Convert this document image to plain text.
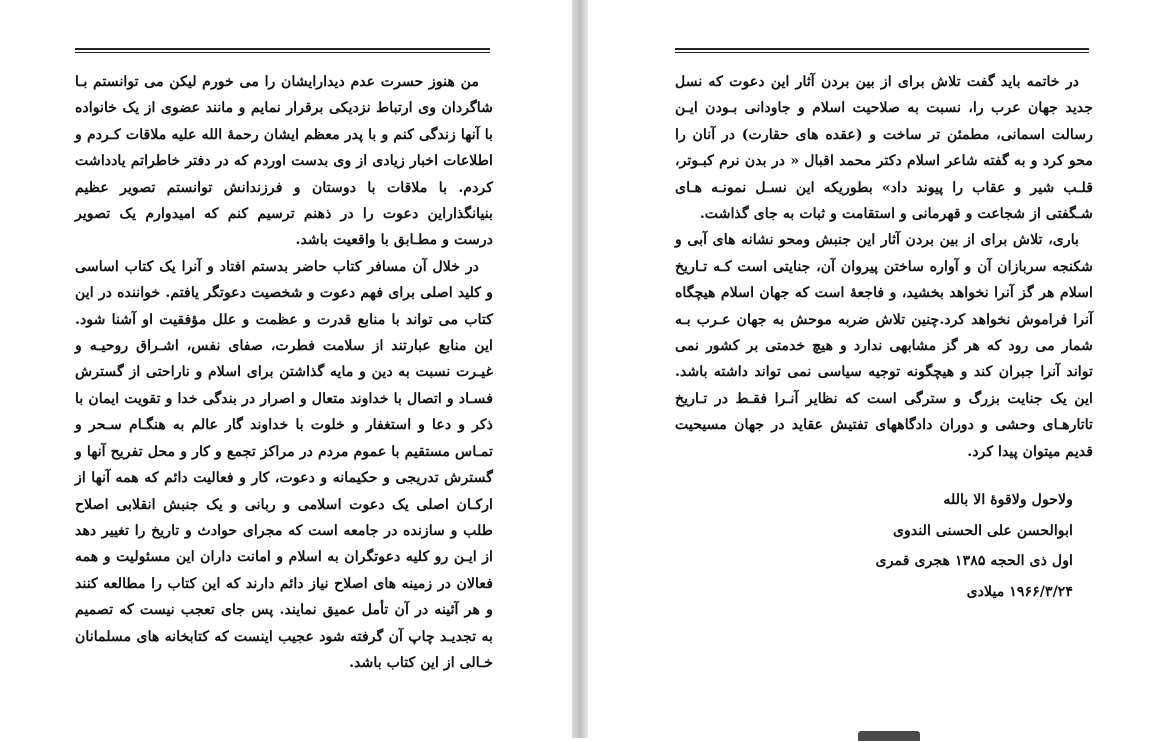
من هنوز حسرت عدم دیدارایشان را می خورم لیکن می توانستم بـا شاگردان وی ارتباط نزدیکی برقرار نمایم و مانند عضوی از یک خانواده با آنها زندگی کنم و با پدر معظم ایشان رحمهٔ الله علیه ملاقات کـردم و اطلاعات اخبار زیادی از وی بدست اوردم که در دفتر خاطراتم یادداشت کردم. با ملاقات با دوستان و فرزندانش توانستم تصویر عظیم بنیانگذاراین دعوت را در ذهنم ترسیم کنم که امیدوارم یک تصویر درست و مطـابق با واقعیت باشد.

در خلال آن مسافر کتاب حاضر بدستم افتاد و آنرا یک کتاب اساسی و کلید اصلی برای فهم دعوت و شخصیت دعوتگر یافتم. خواننده در این کتاب می تواند با منابع قدرت و عظمت و علل مؤفقیت او آشنا شود. این منابع عبارتند از سلامت فطرت، صفای نفس، اشـراق روحیـه و غیـرت نسبت به دین و مایه گذاشتن برای اسلام و ناراحتی از گسترش فسـاد و اتصال با خداوند متعال و اصرار در بندگی خدا و تقویت ایمان با ذکر و دعا و استغفار و خلوت با خداوند گار عالم به هنگـام سـحر و تمـاس مستقیم با عموم مردم در مراکز تجمع و کار و محل تفریح آنها و گسترش تدریجی و حکیمانه و دعوت، کار و فعالیت دائم که همه آنها از ارکـان اصلی یک دعوت اسلامی و ربانی و یک جنبش انقلابی اصلاح طلب و سازنده در جامعه است که مجرای حوادث و تاریخ را تغییر دهد از ایـن رو کلیه دعوتگران به اسلام و امانت داران این مسئولیت و همه فعالان در زمینه های اصلاح نیاز دائم دارند که این کتاب را مطالعه کنند و هر آئینه در آن تأمل عمیق نمایند. پس جای تعجب نیست که تصمیم به تجدیـد چاپ آن گرفته شود عجیب اینست که کتابخانه های مسلمانان خـالی از این کتاب باشد.

در خاتمه باید گفت تلاش برای از بین بردن آثار این دعوت که نسل جدید جهان عرب را، نسبت به صلاحیت اسلام و جاودانی بـودن ایـن رسالت اسمانی، مطمئن تر ساخت و (عقده های حقارت) در آنان را محو کرد و به گفته شاعر اسلام دکتر محمد اقبال « در بدن نرم کبـوتر، قلـب شیر و عقاب را پیوند داد» بطوریکه این نسـل نمونـه هـای شـگفتی از شجاعت و قهرمانی و استقامت و ثبات به جای گذاشت.

باری، تلاش برای از بین بردن آثار این جنبش ومحو نشانه های آبی و شکنجه سربازان آن و آواره ساختن پیروان آن، جنایتی است کـه تـاریخ اسلام هر گز آنرا نخواهد بخشید، و فاجعهٔ است که جهان اسلام هیچگاه آنرا فراموش نخواهد کرد.چنین تلاش ضربه موحش به جهان عـرب بـه شمار می رود که هر گز مشابهی ندارد و هیچ خدمتی بر کشور نمی تواند آنرا جبران کند و هیچگونه توجیه سیاسی نمی تواند داشته باشد. این یک جنایت بزرگ و سترگی است که نظایر آنـرا فقـط در تـاریخ تاتارهـای وحشی و دوران دادگاههای تفتیش عقاید در جهان مسیحیت قدیم میتوان پیدا کرد.

ولاحول ولاقوهٔ الا بالله
ابوالحسن علی الحسنی الندوی
اول ذی الحجه ۱۳۸۵ هجری قمری
۱۹۶۶/۳/۲۴ میلادی
